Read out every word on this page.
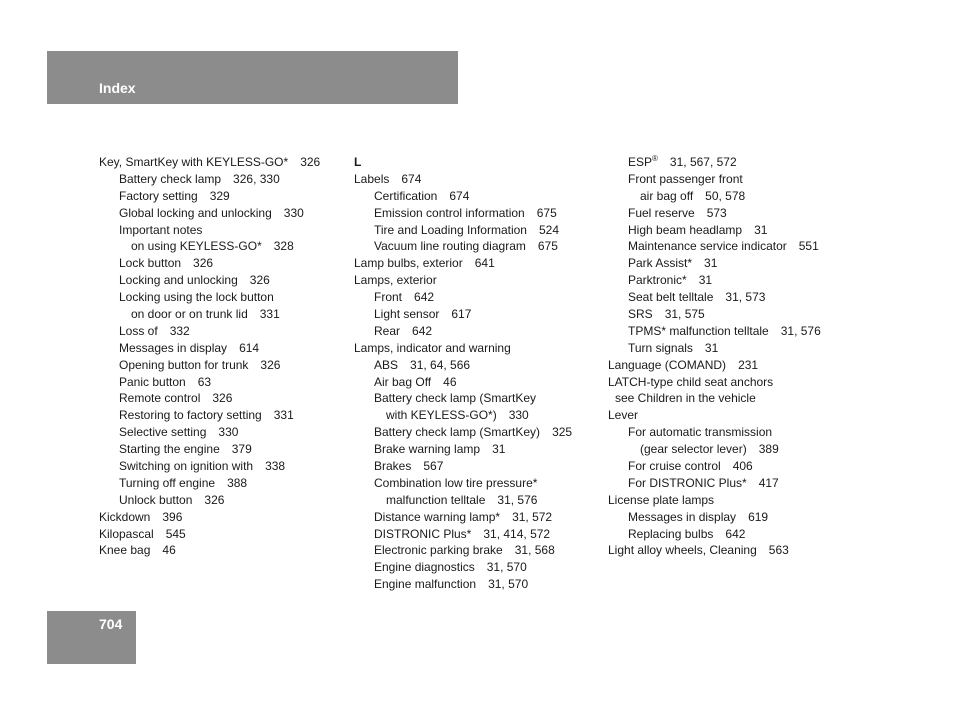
Index
Key, SmartKey with KEYLESS-GO* 326
Battery check lamp 326, 330
Factory setting 329
Global locking and unlocking 330
Important notes
on using KEYLESS-GO* 328
Lock button 326
Locking and unlocking 326
Locking using the lock button
on door or on trunk lid 331
Loss of 332
Messages in display 614
Opening button for trunk 326
Panic button 63
Remote control 326
Restoring to factory setting 331
Selective setting 330
Starting the engine 379
Switching on ignition with 338
Turning off engine 388
Unlock button 326
Kickdown 396
Kilopascal 545
Knee bag 46
L
Labels 674
Certification 674
Emission control information 675
Tire and Loading Information 524
Vacuum line routing diagram 675
Lamp bulbs, exterior 641
Lamps, exterior
Front 642
Light sensor 617
Rear 642
Lamps, indicator and warning
ABS 31, 64, 566
Air bag Off 46
Battery check lamp (SmartKey
with KEYLESS-GO*) 330
Battery check lamp (SmartKey) 325
Brake warning lamp 31
Brakes 567
Combination low tire pressure*
malfunction telltale 31, 576
Distance warning lamp* 31, 572
DISTRONIC Plus* 31, 414, 572
Electronic parking brake 31, 568
Engine diagnostics 31, 570
Engine malfunction 31, 570
ESP® 31, 567, 572
Front passenger front
air bag off 50, 578
Fuel reserve 573
High beam headlamp 31
Maintenance service indicator 551
Park Assist* 31
Parktronic* 31
Seat belt telltale 31, 573
SRS 31, 575
TPMS* malfunction telltale 31, 576
Turn signals 31
Language (COMAND) 231
LATCH-type child seat anchors
see Children in the vehicle
Lever
For automatic transmission
(gear selector lever) 389
For cruise control 406
For DISTRONIC Plus* 417
License plate lamps
Messages in display 619
Replacing bulbs 642
Light alloy wheels, Cleaning 563
704
